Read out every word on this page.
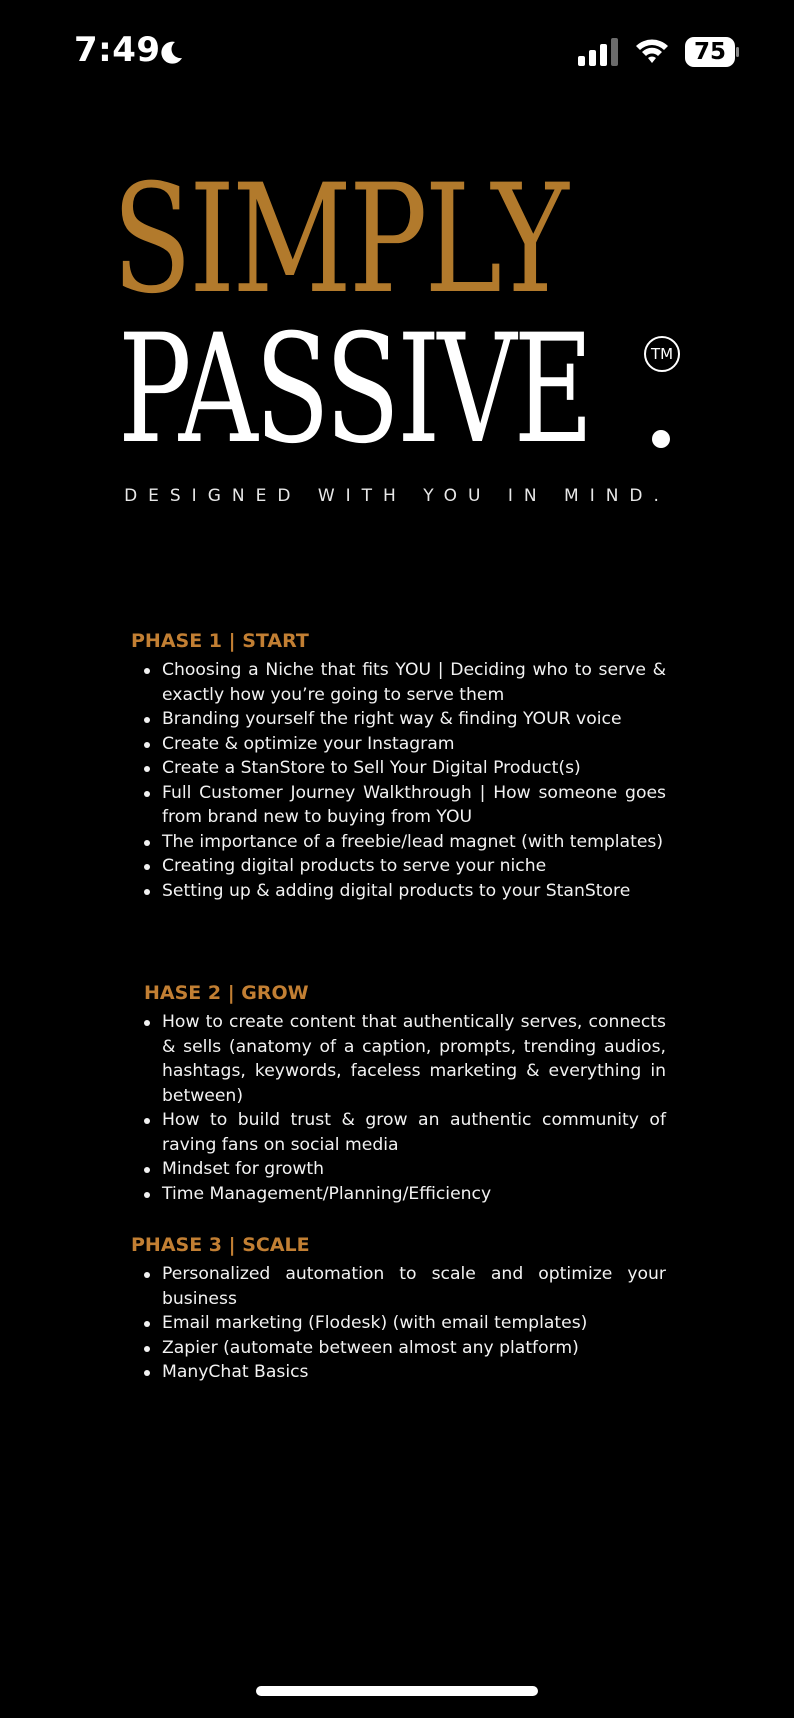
7:49	75
SIMPLY
PASSIVE	TM
DESIGNED WITH YOU IN MIND.
PHASE 1 | START
Choosing a Niche that fits YOU | Deciding who to serve & exactly how you’re going to serve them
Branding yourself the right way & finding YOUR voice
Create & optimize your Instagram
Create a StanStore to Sell Your Digital Product(s)
Full Customer Journey Walkthrough | How someone goes from brand new to buying from YOU
The importance of a freebie/lead magnet (with templates)
Creating digital products to serve your niche
Setting up & adding digital products to your StanStore
HASE 2 | GROW
How to create content that authentically serves, connects & sells (anatomy of a caption, prompts, trending audios, hashtags, keywords, faceless marketing & everything in between)
How to build trust & grow an authentic community of raving fans on social media
Mindset for growth
Time Management/Planning/Efficiency
PHASE 3 | SCALE
Personalized automation to scale and optimize your business
Email marketing (Flodesk) (with email templates)
Zapier (automate between almost any platform)
ManyChat Basics
